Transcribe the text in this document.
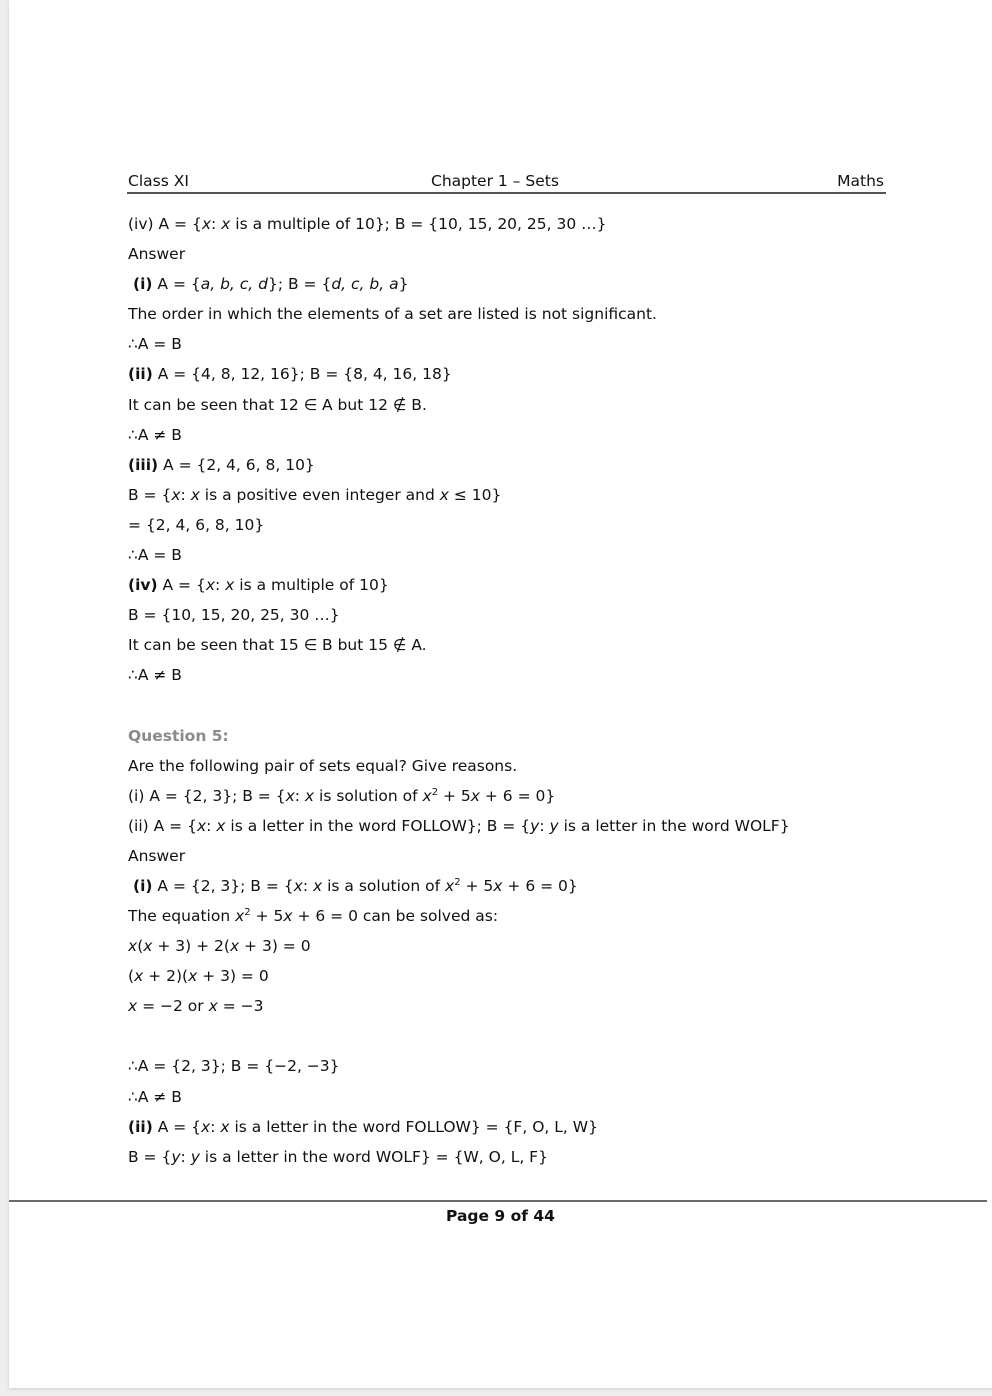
Class XI	Chapter 1 – Sets	Maths
(iv) A = {x: x is a multiple of 10}; B = {10, 15, 20, 25, 30 …}
Answer
(i) A = {a, b, c, d}; B = {d, c, b, a}
The order in which the elements of a set are listed is not significant.
∴A = B
(ii) A = {4, 8, 12, 16}; B = {8, 4, 16, 18}
It can be seen that 12 ∈ A but 12 ∉ B.
∴A ≠ B
(iii) A = {2, 4, 6, 8, 10}
B = {x: x is a positive even integer and x ≤ 10}
= {2, 4, 6, 8, 10}
∴A = B
(iv) A = {x: x is a multiple of 10}
B = {10, 15, 20, 25, 30 …}
It can be seen that 15 ∈ B but 15 ∉ A.
∴A ≠ B
Question 5:
Are the following pair of sets equal? Give reasons.
(i) A = {2, 3}; B = {x: x is solution of $x^2 + 5x + 6 = 0$}
(ii) A = {x: x is a letter in the word FOLLOW}; B = {y: y is a letter in the word WOLF}
Answer
(i) A = {2, 3}; B = {x: x is a solution of $x^2 + 5x + 6 = 0$}
The equation $x^2 + 5x + 6 = 0$ can be solved as:
x(x + 3) + 2(x + 3) = 0
(x + 2)(x + 3) = 0
x = −2 or x = −3
∴A = {2, 3}; B = {−2, −3}
∴A ≠ B
(ii) A = {x: x is a letter in the word FOLLOW} = {F, O, L, W}
B = {y: y is a letter in the word WOLF} = {W, O, L, F}
Page 9 of 44
